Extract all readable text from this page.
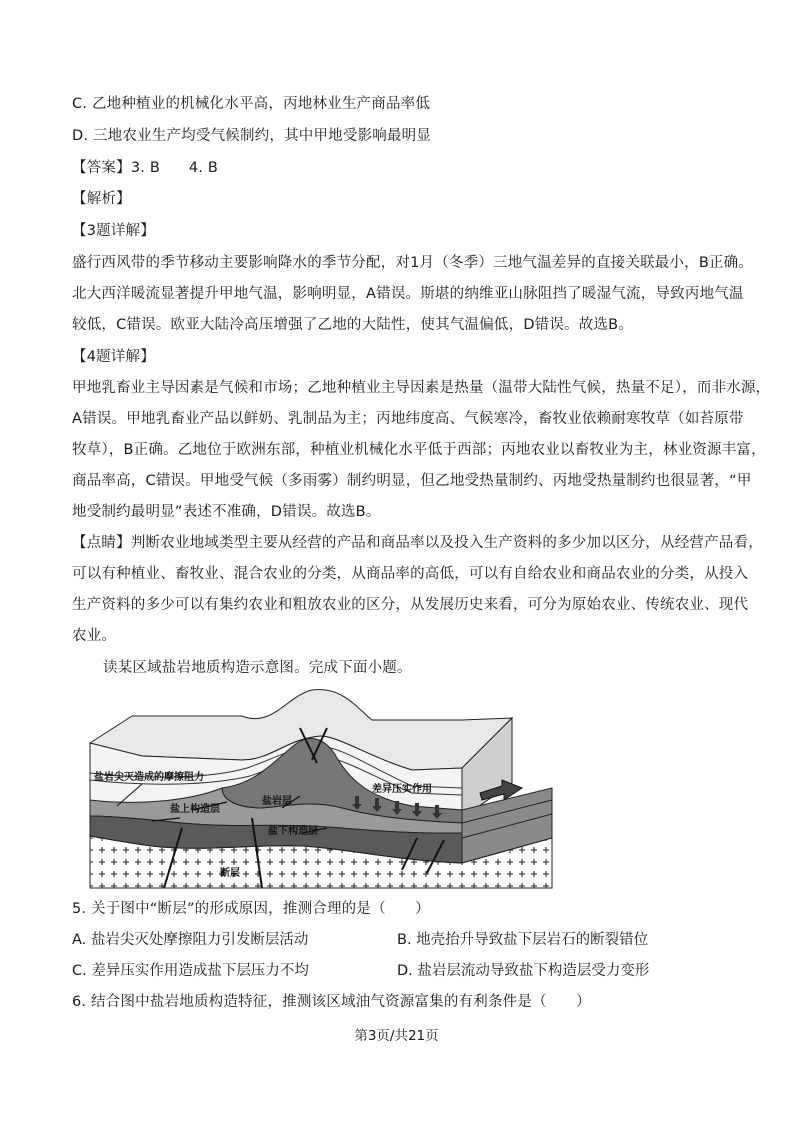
C. 乙地种植业的机械化水平高，丙地林业生产商品率低
D. 三地农业生产均受气候制约，其中甲地受影响最明显
【答案】3. B      4. B
【解析】
【3题详解】
盛行西风带的季节移动主要影响降水的季节分配，对1月（冬季）三地气温差异的直接关联最小，B正确。
北大西洋暖流显著提升甲地气温，影响明显，A错误。斯堪的纳维亚山脉阻挡了暖湿气流，导致丙地气温
较低，C错误。欧亚大陆冷高压增强了乙地的大陆性，使其气温偏低，D错误。故选B。
【4题详解】
甲地乳畜业主导因素是气候和市场；乙地种植业主导因素是热量（温带大陆性气候，热量不足），而非水源，
A错误。甲地乳畜业产品以鲜奶、乳制品为主；丙地纬度高、气候寒冷，畜牧业依赖耐寒牧草（如苔原带
牧草），B正确。乙地位于欧洲东部，种植业机械化水平低于西部；丙地农业以畜牧业为主，林业资源丰富，
商品率高，C错误。甲地受气候（多雨雾）制约明显，但乙地受热量制约、丙地受热量制约也很显著，“甲
地受制约最明显”表述不准确，D错误。故选B。
【点睛】判断农业地域类型主要从经营的产品和商品率以及投入生产资料的多少加以区分，从经营产品看，
可以有种植业、畜牧业、混合农业的分类，从商品率的高低，可以有自给农业和商品农业的分类，从投入
生产资料的多少可以有集约农业和粗放农业的区分，从发展历史来看，可分为原始农业、传统农业、现代
农业。
读某区域盐岩地质构造示意图。完成下面小题。
盐岩尖灭造成的摩擦阻力
差异压实作用
盐上构造层
盐岩层
盐下构造层
断层
5. 关于图中“断层”的形成原因，推测合理的是（　　）
A. 盐岩尖灭处摩擦阻力引发断层活动	B. 地壳抬升导致盐下层岩石的断裂错位
C. 差异压实作用造成盐下层压力不均	D. 盐岩层流动导致盐下构造层受力变形
6. 结合图中盐岩地质构造特征，推测该区域油气资源富集的有利条件是（　　）
第3页/共21页
